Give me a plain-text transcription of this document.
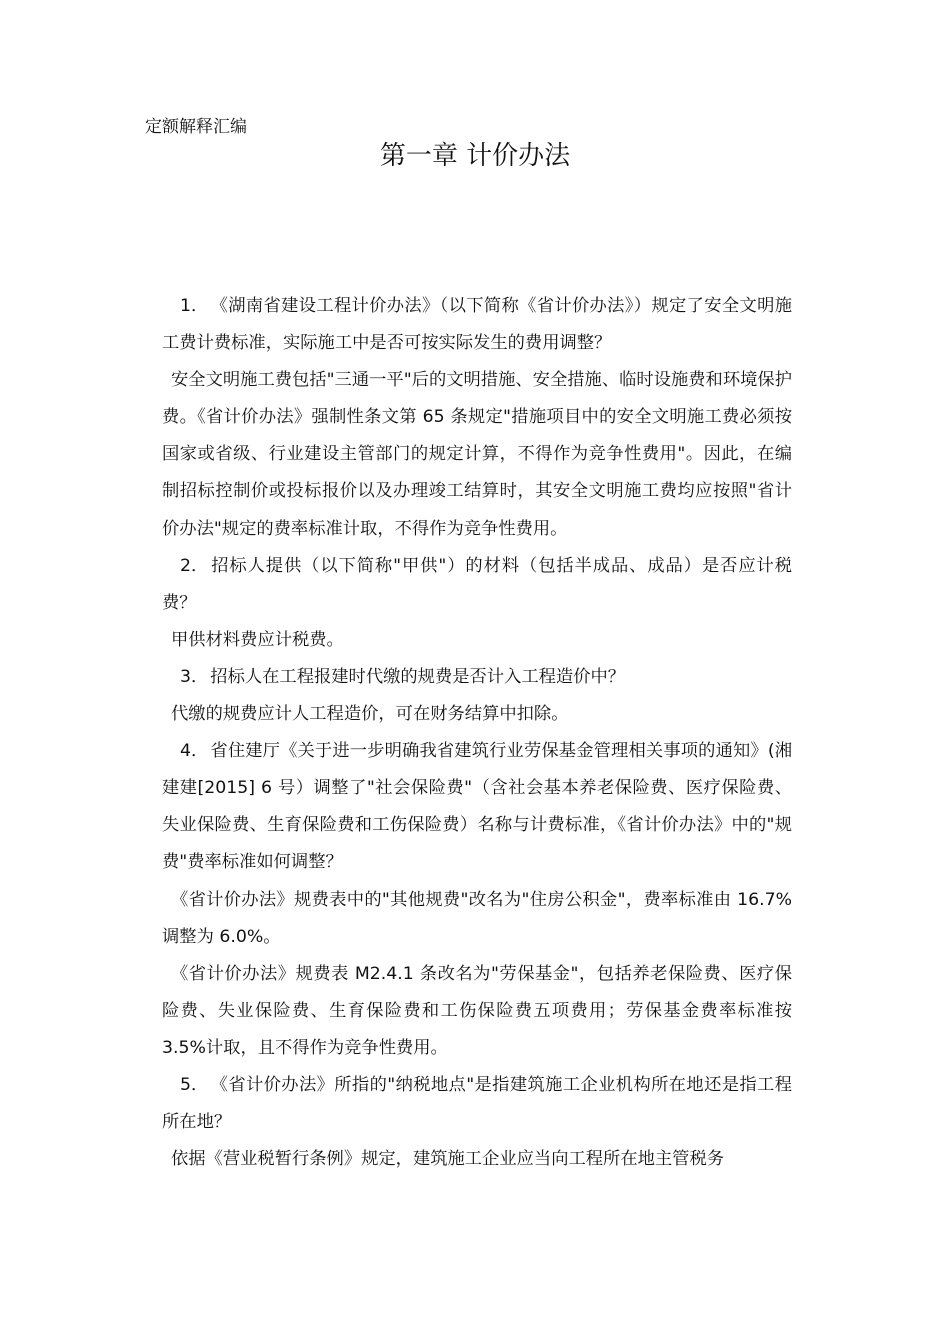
定额解释汇编
第一章 计价办法

1． 《湖南省建设工程计价办法》（以下简称《省计价办法》）规定了安全文明施工费计费标准，实际施工中是否可按实际发生的费用调整？

安全文明施工费包括"三通一平"后的文明措施、安全措施、临时设施费和环境保护费。《省计价办法》强制性条文第 65 条规定"措施项目中的安全文明施工费必须按国家或省级、行业建设主管部门的规定计算，不得作为竞争性费用"。因此，在编制招标控制价或投标报价以及办理竣工结算时，其安全文明施工费均应按照"省计价办法"规定的费率标准计取，不得作为竞争性费用。

2． 招标人提供（以下简称"甲供"）的材料（包括半成品、成品）是否应计税费？

甲供材料费应计税费。

3． 招标人在工程报建时代缴的规费是否计入工程造价中？

代缴的规费应计人工程造价，可在财务结算中扣除。

4． 省住建厅《关于进一步明确我省建筑行业劳保基金管理相关事项的通知》(湘建建[2015] 6 号）调整了"社会保险费"（含社会基本养老保险费、医疗保险费、失业保险费、生育保险费和工伤保险费）名称与计费标准，《省计价办法》中的"规费"费率标准如何调整？

《省计价办法》规费表中的"其他规费"改名为"住房公积金"，费率标准由 16.7%调整为 6.0%。

《省计价办法》规费表 M2.4.1 条改名为"劳保基金"，包括养老保险费、医疗保险费、失业保险费、生育保险费和工伤保险费五项费用；劳保基金费率标准按 3.5%计取，且不得作为竞争性费用。

5． 《省计价办法》所指的"纳税地点"是指建筑施工企业机构所在地还是指工程所在地？

依据《营业税暂行条例》规定，建筑施工企业应当向工程所在地主管税务
